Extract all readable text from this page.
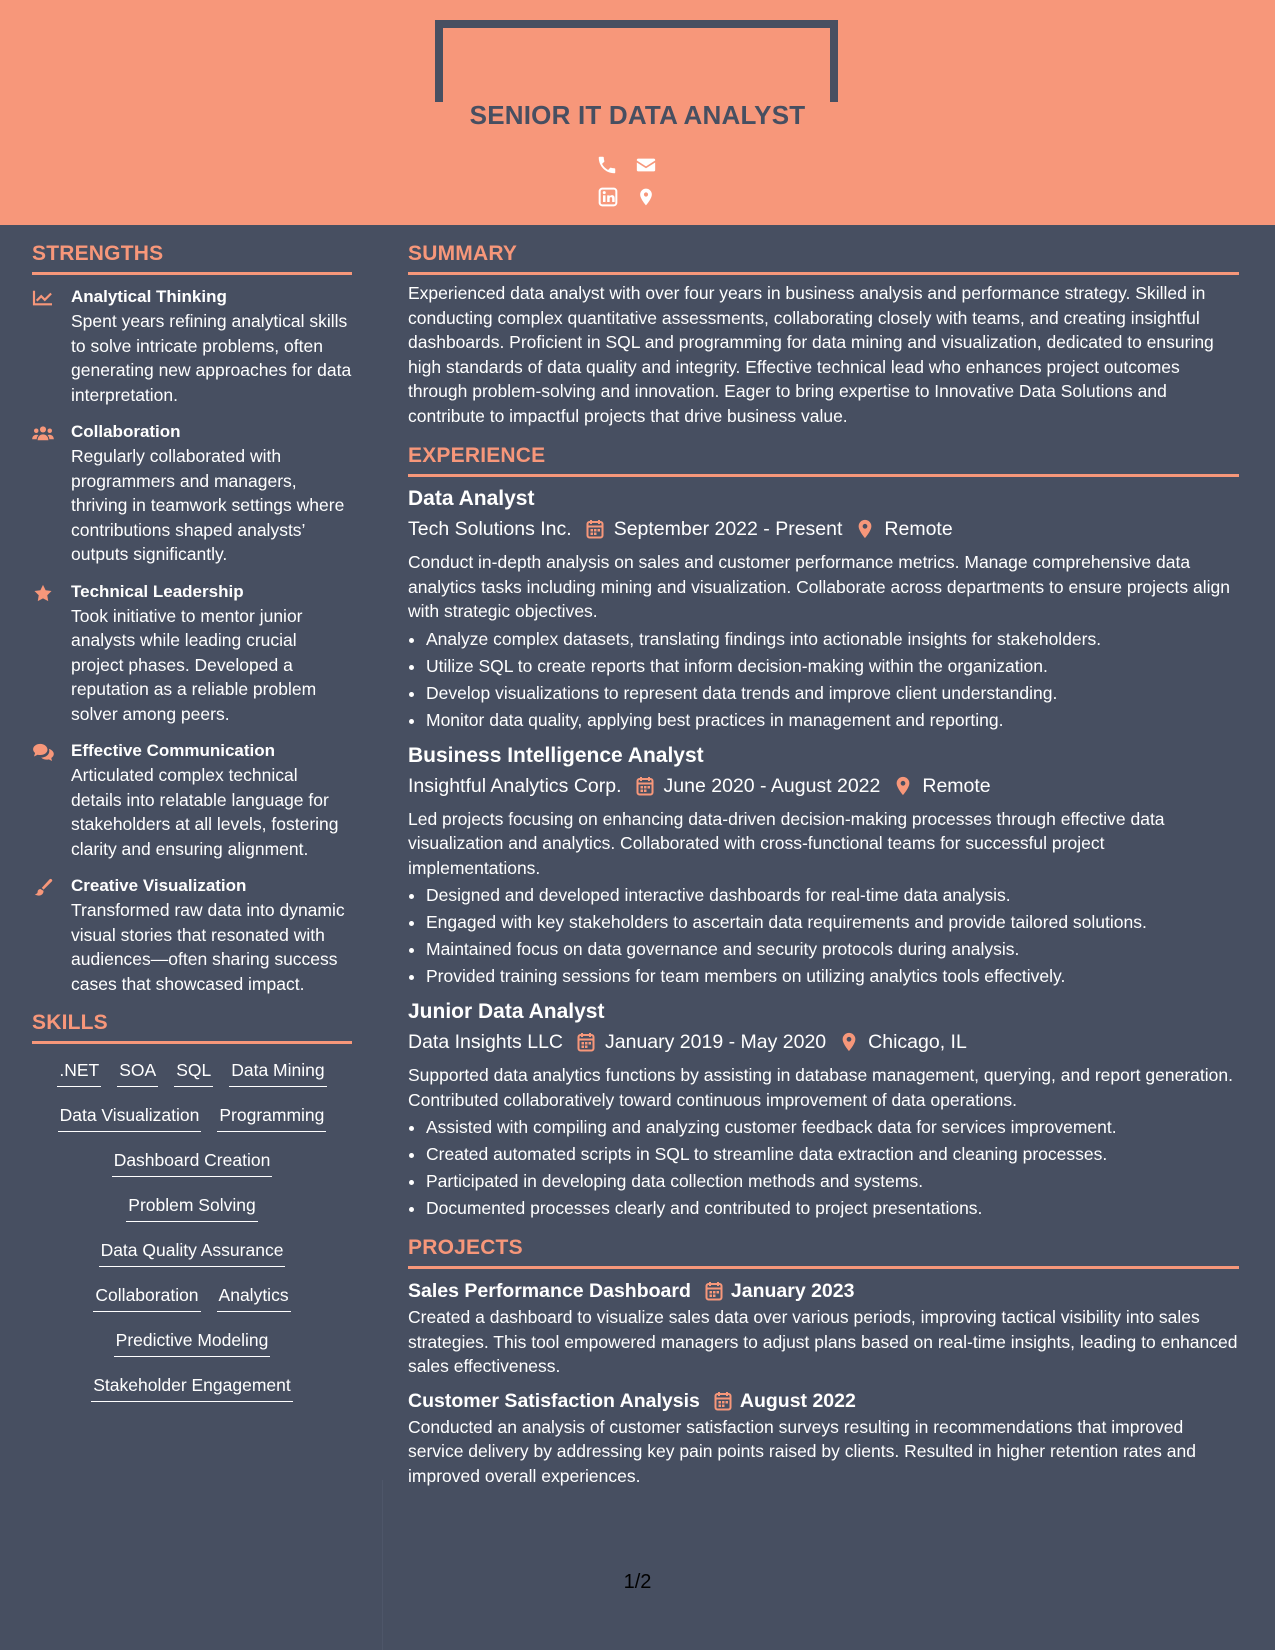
SENIOR IT DATA ANALYST
STRENGTHS
Analytical Thinking
Spent years refining analytical skills to solve intricate problems, often generating new approaches for data interpretation.
Collaboration
Regularly collaborated with programmers and managers, thriving in teamwork settings where contributions shaped analysts’ outputs significantly.
Technical Leadership
Took initiative to mentor junior analysts while leading crucial project phases. Developed a reputation as a reliable problem solver among peers.
Effective Communication
Articulated complex technical details into relatable language for stakeholders at all levels, fostering clarity and ensuring alignment.
Creative Visualization
Transformed raw data into dynamic visual stories that resonated with audiences—often sharing success cases that showcased impact.
SKILLS
.NET SOA SQL Data Mining
Data Visualization Programming
Dashboard Creation
Problem Solving
Data Quality Assurance
Collaboration Analytics
Predictive Modeling
Stakeholder Engagement
SUMMARY
Experienced data analyst with over four years in business analysis and performance strategy. Skilled in conducting complex quantitative assessments, collaborating closely with teams, and creating insightful dashboards. Proficient in SQL and programming for data mining and visualization, dedicated to ensuring high standards of data quality and integrity. Effective technical lead who enhances project outcomes through problem-solving and innovation. Eager to bring expertise to Innovative Data Solutions and contribute to impactful projects that drive business value.
EXPERIENCE
Data Analyst
Tech Solutions Inc. September 2022 - Present Remote
Conduct in-depth analysis on sales and customer performance metrics. Manage comprehensive data analytics tasks including mining and visualization. Collaborate across departments to ensure projects align with strategic objectives.
• Analyze complex datasets, translating findings into actionable insights for stakeholders.
• Utilize SQL to create reports that inform decision-making within the organization.
• Develop visualizations to represent data trends and improve client understanding.
• Monitor data quality, applying best practices in management and reporting.
Business Intelligence Analyst
Insightful Analytics Corp. June 2020 - August 2022 Remote
Led projects focusing on enhancing data-driven decision-making processes through effective data visualization and analytics. Collaborated with cross-functional teams for successful project implementations.
• Designed and developed interactive dashboards for real-time data analysis.
• Engaged with key stakeholders to ascertain data requirements and provide tailored solutions.
• Maintained focus on data governance and security protocols during analysis.
• Provided training sessions for team members on utilizing analytics tools effectively.
Junior Data Analyst
Data Insights LLC January 2019 - May 2020 Chicago, IL
Supported data analytics functions by assisting in database management, querying, and report generation. Contributed collaboratively toward continuous improvement of data operations.
• Assisted with compiling and analyzing customer feedback data for services improvement.
• Created automated scripts in SQL to streamline data extraction and cleaning processes.
• Participated in developing data collection methods and systems.
• Documented processes clearly and contributed to project presentations.
PROJECTS
Sales Performance Dashboard January 2023
Created a dashboard to visualize sales data over various periods, improving tactical visibility into sales strategies. This tool empowered managers to adjust plans based on real-time insights, leading to enhanced sales effectiveness.
Customer Satisfaction Analysis August 2022
Conducted an analysis of customer satisfaction surveys resulting in recommendations that improved service delivery by addressing key pain points raised by clients. Resulted in higher retention rates and improved overall experiences.
1/2
